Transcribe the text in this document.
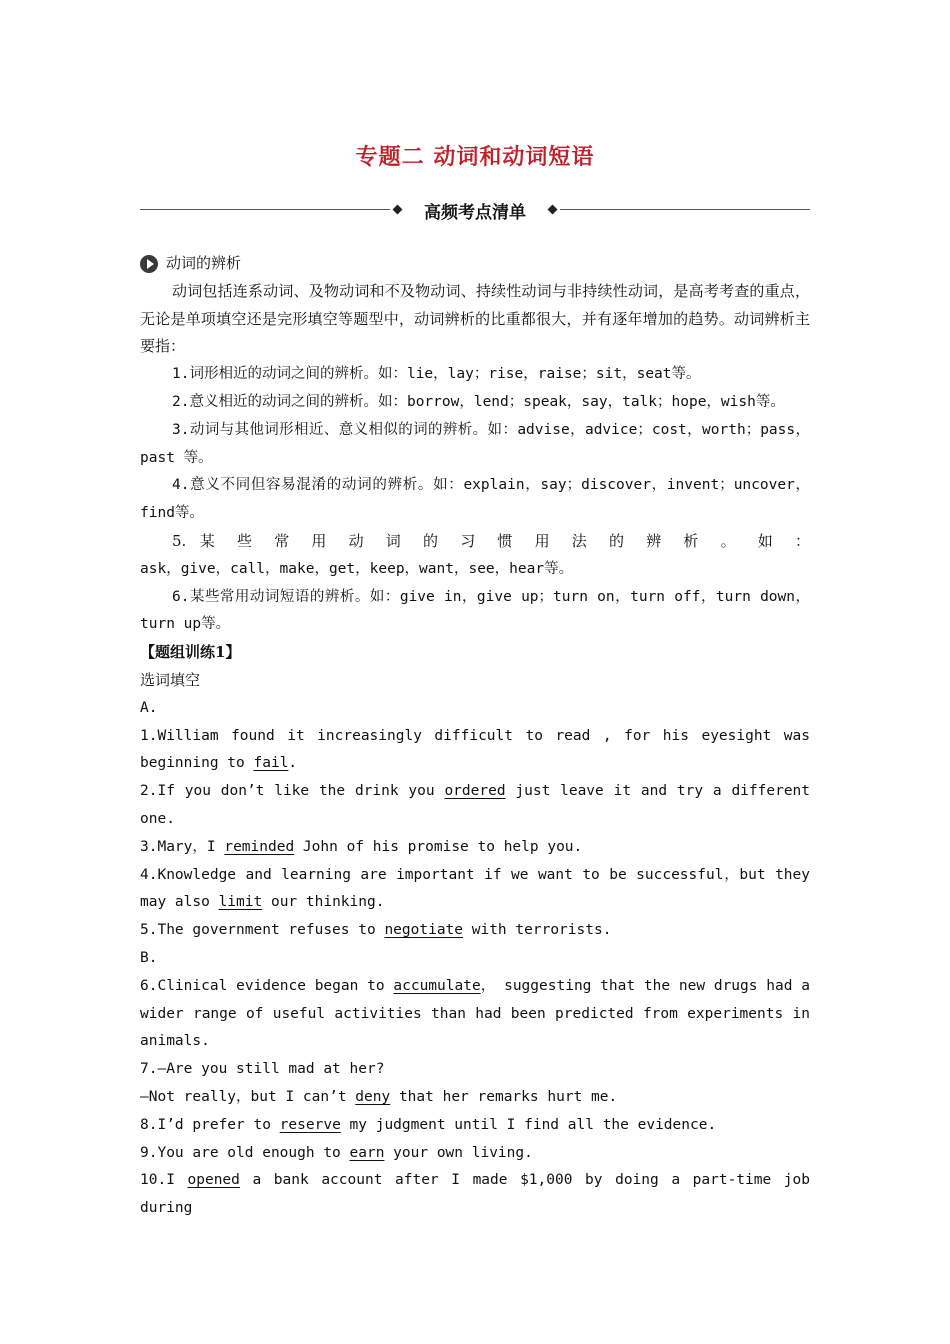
专题二 动词和动词短语
高频考点清单
动词的辨析

动词包括连系动词、及物动词和不及物动词、持续性动词与非持续性动词，是高考考查的重点，无论是单项填空还是完形填空等题型中，动词辨析的比重都很大，并有逐年增加的趋势。动词辨析主要指：

1.词形相近的动词之间的辨析。如：lie，lay；rise，raise；sit，seat等。

2.意义相近的动词之间的辨析。如：borrow，lend；speak，say，talk；hope，wish等。

3.动词与其他词形相近、意义相似的词的辨析。如：advise，advice；cost，worth；pass，past 等。

4.意义不同但容易混淆的动词的辨析。如：explain，say；discover，invent；uncover，find等。

5. 某 些 常 用 动 词 的 习 惯 用 法 的 辨 析 。 如 ：

ask，give，call，make，get，keep，want，see，hear等。

6.某些常用动词短语的辨析。如：give in，give up；turn on，turn off，turn down，turn up等。

【题组训练1】

选词填空

A.

1.William found it increasingly difficult to read , for his eyesight was beginning to fail.

2.If you don’t like the drink you ordered just leave it and try a different one.

3.Mary，I reminded John of his promise to help you.

4.Knowledge and learning are important if we want to be successful，but they may also limit our thinking.

5.The government refuses to negotiate with terrorists.

B.

6.Clinical evidence began to accumulate， suggesting that the new drugs had a wider range of useful activities than had been predicted from experiments in animals.

7.—Are you still mad at her?

—Not really，but I can’t deny that her remarks hurt me.

8.I’d prefer to reserve my judgment until I find all the evidence.

9.You are old enough to earn your own living.

10.I opened a bank account after I made $1,000 by doing a part-time job during
